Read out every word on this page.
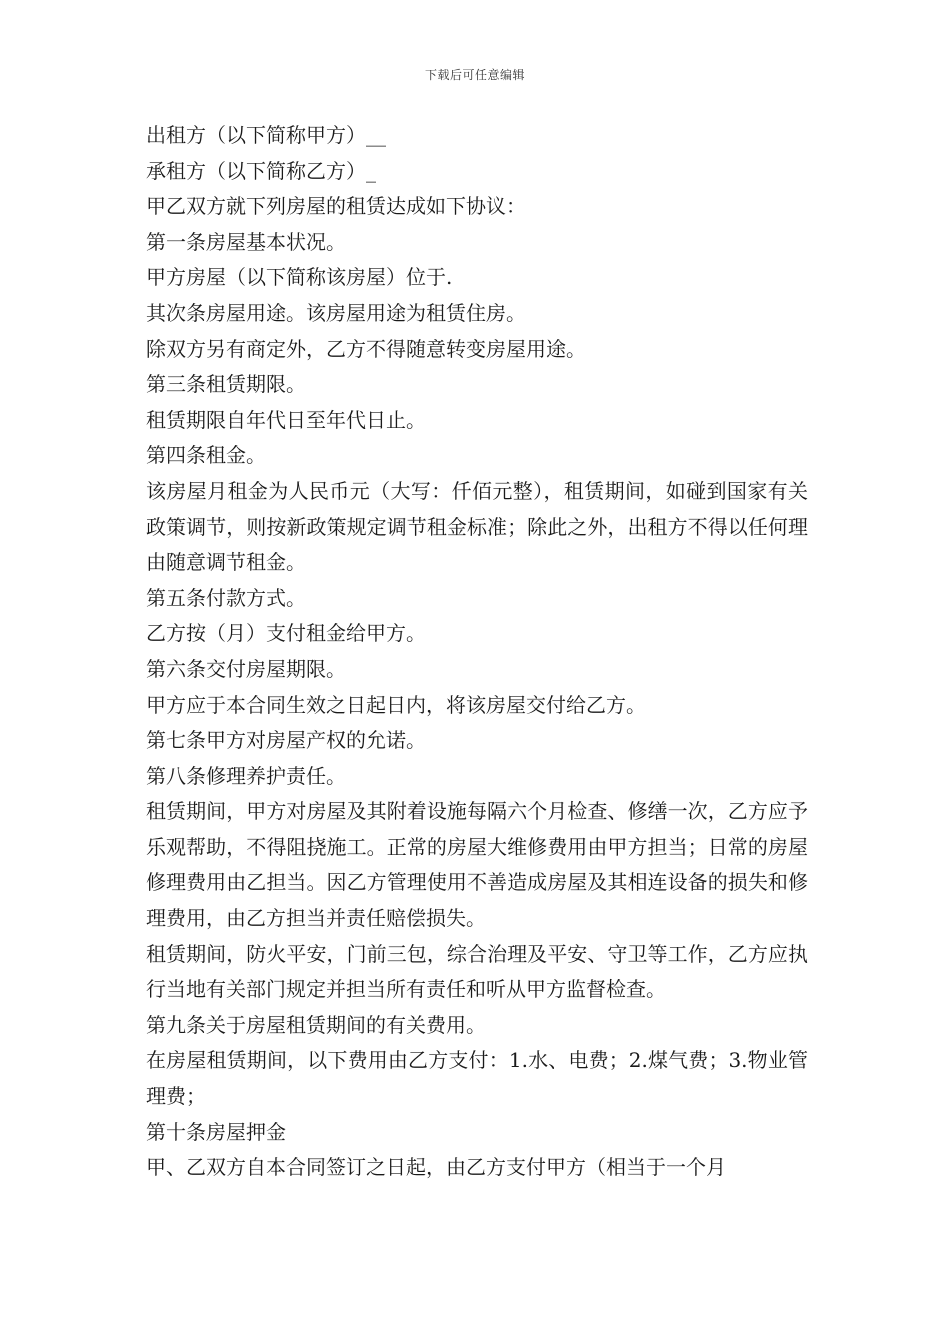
下载后可任意编辑

出租方（以下简称甲方）__

承租方（以下简称乙方）_

甲乙双方就下列房屋的租赁达成如下协议：

第一条房屋基本状况。

甲方房屋（以下简称该房屋）位于.

其次条房屋用途。该房屋用途为租赁住房。

除双方另有商定外，乙方不得随意转变房屋用途。

第三条租赁期限。

租赁期限自年代日至年代日止。

第四条租金。

该房屋月租金为人民币元（大写：仟佰元整），租赁期间，如碰到国家有关政策调节，则按新政策规定调节租金标准；除此之外，出租方不得以任何理由随意调节租金。

第五条付款方式。

乙方按（月）支付租金给甲方。

第六条交付房屋期限。

甲方应于本合同生效之日起日内，将该房屋交付给乙方。

第七条甲方对房屋产权的允诺。

第八条修理养护责任。

租赁期间，甲方对房屋及其附着设施每隔六个月检查、修缮一次，乙方应予乐观帮助，不得阻挠施工。正常的房屋大维修费用由甲方担当；日常的房屋修理费用由乙担当。因乙方管理使用不善造成房屋及其相连设备的损失和修理费用，由乙方担当并责任赔偿损失。

租赁期间，防火平安，门前三包，综合治理及平安、守卫等工作，乙方应执行当地有关部门规定并担当所有责任和听从甲方监督检查。

第九条关于房屋租赁期间的有关费用。

在房屋租赁期间，以下费用由乙方支付：1.水、电费；2.煤气费；3.物业管理费；

第十条房屋押金

甲、乙双方自本合同签订之日起，由乙方支付甲方（相当于一个月
